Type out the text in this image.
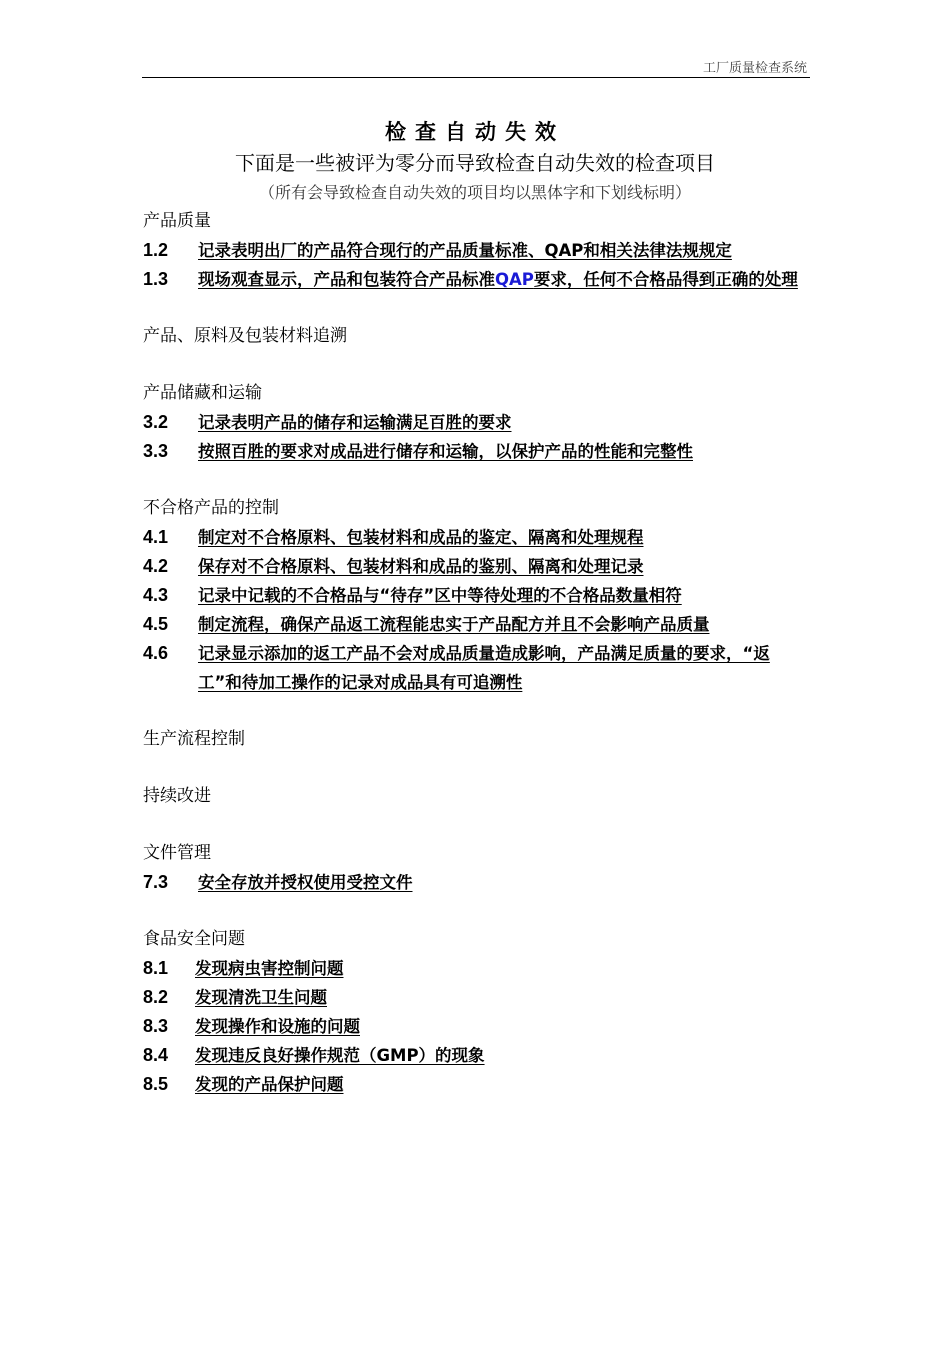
工厂质量检查系统
检查自动失效
下面是一些被评为零分而导致检查自动失效的检查项目
（所有会导致检查自动失效的项目均以黑体字和下划线标明）
产品质量
1.2	记录表明出厂的产品符合现行的产品质量标准、QAP和相关法律法规规定
1.3	现场观查显示，产品和包装符合产品标准QAP要求，任何不合格品得到正确的处理
产品、原料及包装材料追溯
产品储藏和运输
3.2	记录表明产品的储存和运输满足百胜的要求
3.3	按照百胜的要求对成品进行储存和运输，以保护产品的性能和完整性
不合格产品的控制
4.1	制定对不合格原料、包装材料和成品的鉴定、隔离和处理规程
4.2	保存对不合格原料、包装材料和成品的鉴别、隔离和处理记录
4.3	记录中记载的不合格品与“待存”区中等待处理的不合格品数量相符
4.5	制定流程，确保产品返工流程能忠实于产品配方并且不会影响产品质量
4.6	记录显示添加的返工产品不会对成品质量造成影响，产品满足质量的要求，“返工”和待加工操作的记录对成品具有可追溯性
生产流程控制
持续改进
文件管理
7.3	安全存放并授权使用受控文件
食品安全问题
8.1	发现病虫害控制问题
8.2	发现清洗卫生问题
8.3	发现操作和设施的问题
8.4	发现违反良好操作规范（GMP）的现象
8.5	发现的产品保护问题
